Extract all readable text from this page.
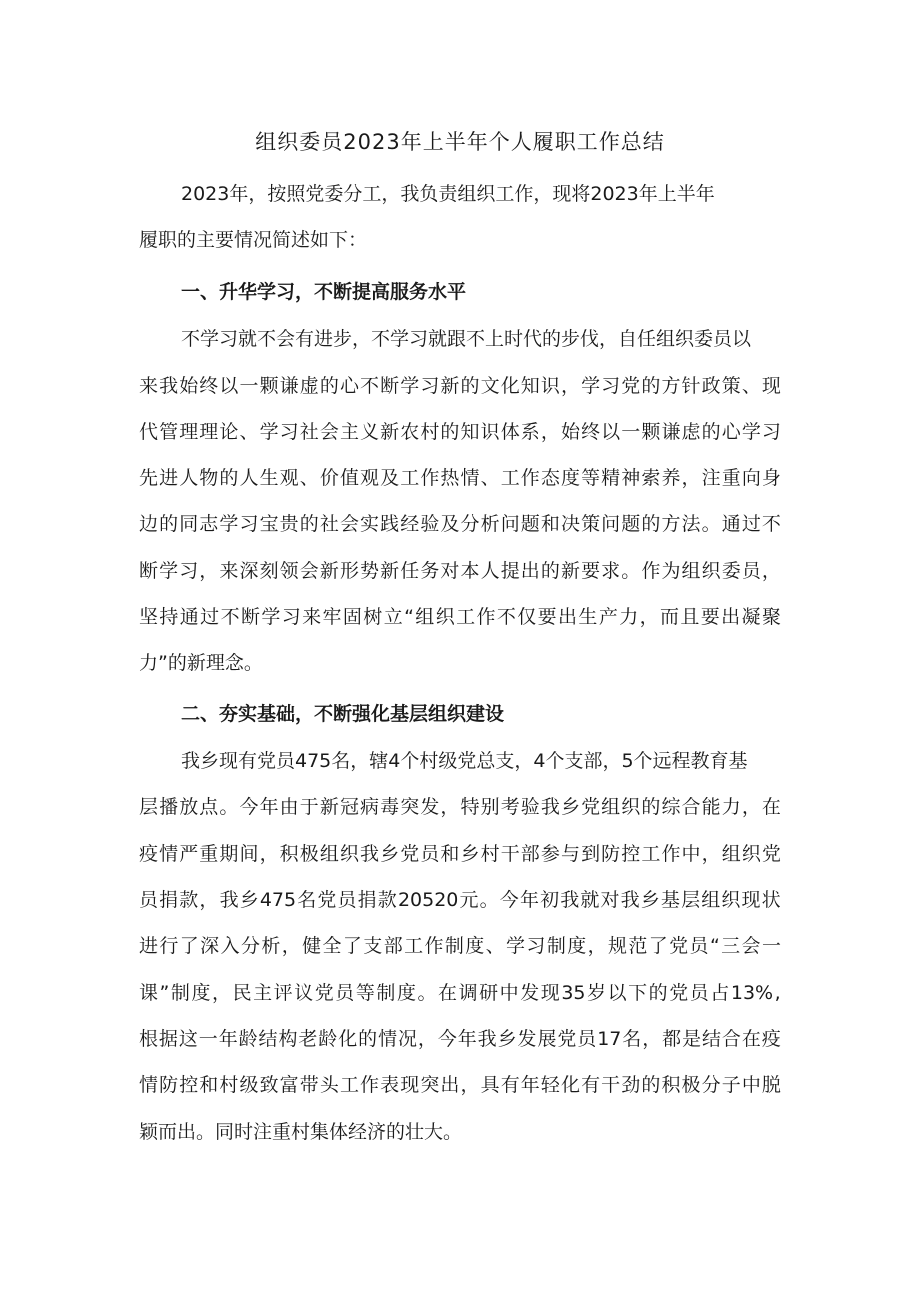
组织委员2023年上半年个人履职工作总结
2023年，按照党委分工，我负责组织工作，现将2023年上半年
履职的主要情况简述如下：
一、升华学习，不断提高服务水平
不学习就不会有进步，不学习就跟不上时代的步伐，自任组织委员以
来 我 始 终 以 一 颗 谦 虚 的 心 不 断 学 习 新 的 文 化 知 识 ， 学 习 党 的 方 针 政 策 、 现
代 管 理 理 论 、 学 习 社 会 主 义 新 农 村 的 知 识 体 系 ， 始 终 以 一 颗 谦 虑 的 心 学 习
先 进 人 物 的 人 生 观 、 价 值 观 及 工 作 热 情 、 工 作 态 度 等 精 神 索 养 ， 注 重 向 身
边 的 同 志 学 习 宝 贵 的 社 会 实 践 经 验 及 分 析 问 题 和 决 策 问 题 的 方 法 。 通 过 不
断 学 习 ， 来 深 刻 领 会 新 形 势 新 任 务 对 本 人 提 出 的 新 要 求 。 作 为 组 织 委 员 ，
坚 持 通 过 不 断 学 习 来 牢 固 树 立 “ 组 织 工 作 不 仅 要 出 生 产 力 ， 而 且 要 出 凝 聚
力”的新理念。
二、夯实基础，不断强化基层组织建设
我乡现有党员475名，辖4个村级党总支，4个支部，5个远程教育基
层 播 放 点 。 今 年 由 于 新 冠 病 毒 突 发 ， 特 别 考 验 我 乡 党 组 织 的 综 合 能 力 ， 在
疫 情 严 重 期 间 ， 积 极 组 织 我 乡 党 员 和 乡 村 干 部 参 与 到 防 控 工 作 中 ， 组 织 党
员 捐 款 ， 我 乡 475 名 党 员 捐 款 20520 元 。 今 年 初 我 就 对 我 乡 基 层 组 织 现 状
进 行 了 深 入 分 析 ， 健 全 了 支 部 工 作 制 度 、 学 习 制 度 ， 规 范 了 党 员 “ 三 会 一
课 ” 制 度 ， 民 主 评 议 党 员 等 制 度 。 在 调 研 中 发 现 35 岁 以 下 的 党 员 占 13% ,
根 据 这 一 年 龄 结 构 老 龄 化 的 情 况 ， 今 年 我 乡 发 展 党 员 17 名 ， 都 是 结 合 在 疫
情 防 控 和 村 级 致 富 带 头 工 作 表 现 突 出 ， 具 有 年 轻 化 有 干 劲 的 积 极 分 子 中 脱
颖而出。同时注重村集体经济的壮大。
